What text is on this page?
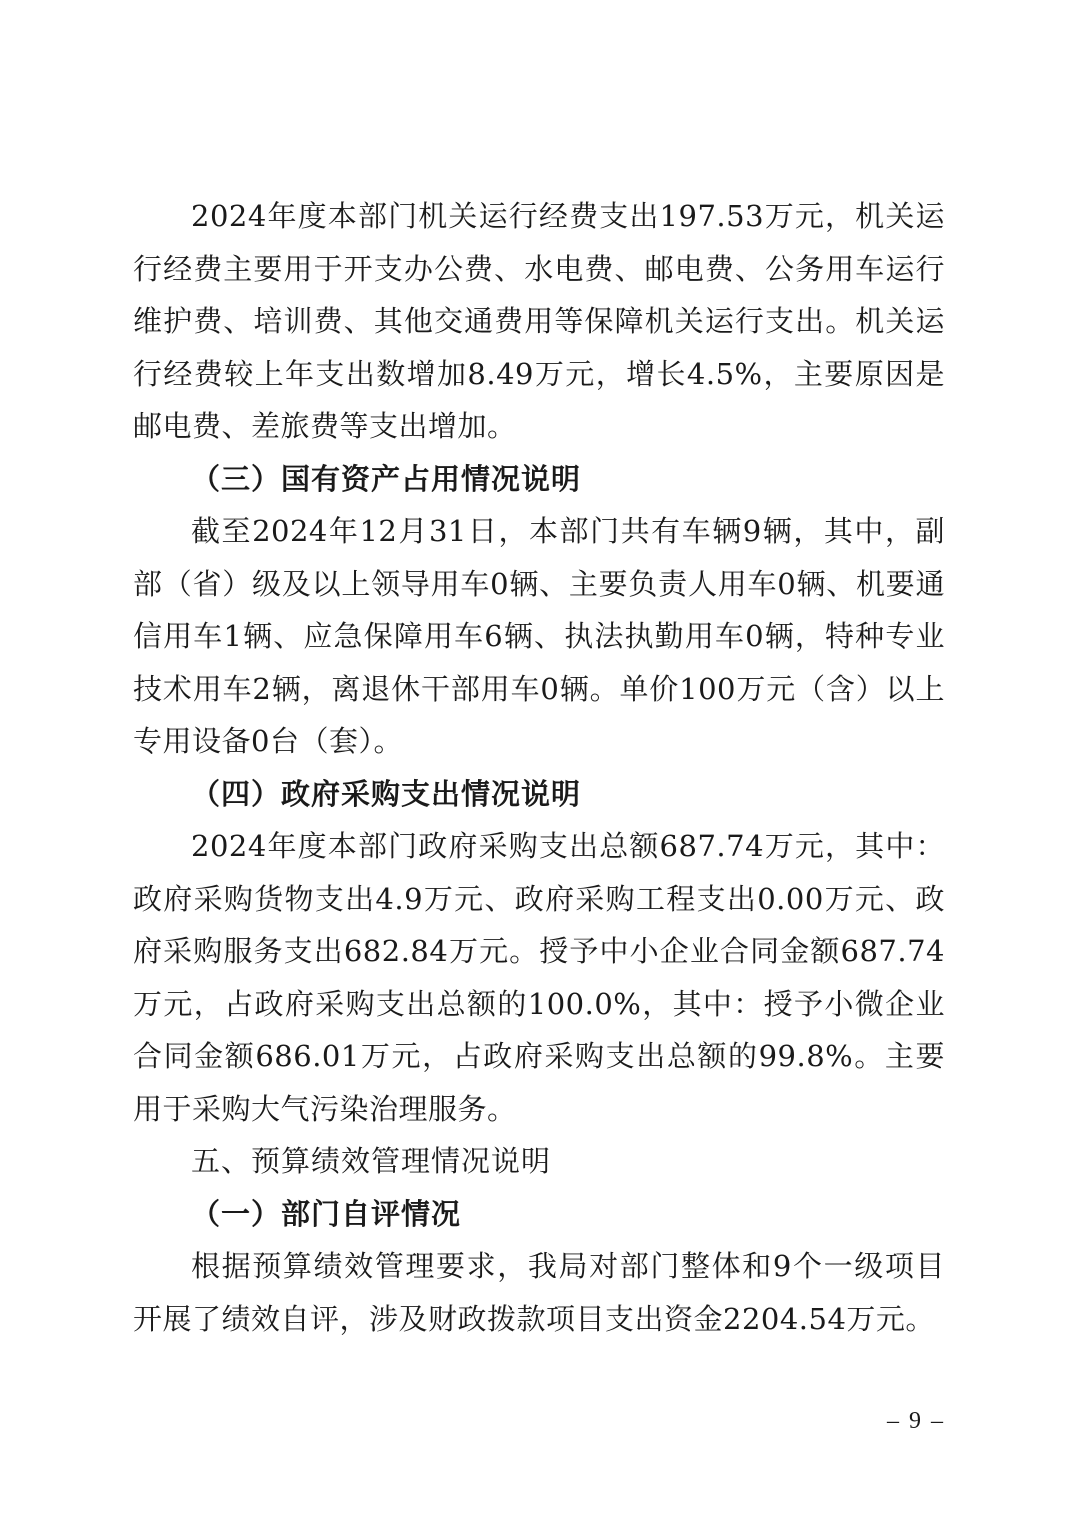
2024年度本部门机关运行经费支出197.53万元，机关运行经费主要用于开支办公费、水电费、邮电费、公务用车运行维护费、培训费、其他交通费用等保障机关运行支出。机关运行经费较上年支出数增加8.49万元，增长4.5%，主要原因是邮电费、差旅费等支出增加。

（三）国有资产占用情况说明

截至2024年12月31日，本部门共有车辆9辆，其中，副部（省）级及以上领导用车0辆、主要负责人用车0辆、机要通信用车1辆、应急保障用车6辆、执法执勤用车0辆，特种专业技术用车2辆，离退休干部用车0辆。单价100万元（含）以上专用设备0台（套）。

（四）政府采购支出情况说明

2024年度本部门政府采购支出总额687.74万元，其中：政府采购货物支出4.9万元、政府采购工程支出0.00万元、政府采购服务支出682.84万元。授予中小企业合同金额687.74万元，占政府采购支出总额的100.0%，其中：授予小微企业合同金额686.01万元，占政府采购支出总额的99.8%。主要用于采购大气污染治理服务。

五、预算绩效管理情况说明

（一）部门自评情况

根据预算绩效管理要求，我局对部门整体和9个一级项目开展了绩效自评，涉及财政拨款项目支出资金2204.54万元。

– 9 –
